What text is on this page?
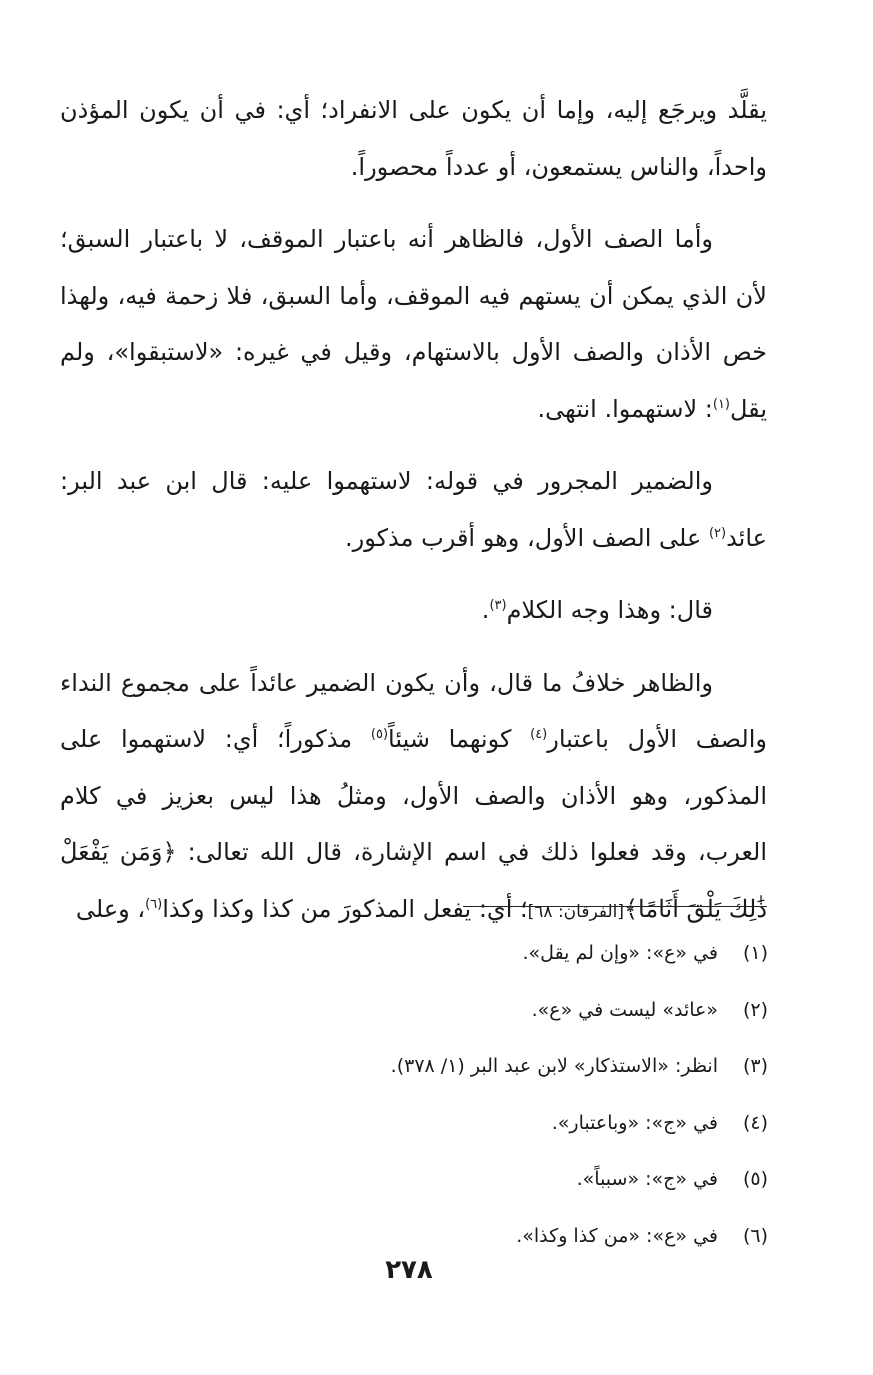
يقلَّد ويرجَع إليه، وإما أن يكون على الانفراد؛ أي: في أن يكون المؤذن واحداً، والناس يستمعون، أو عدداً محصوراً.

وأما الصف الأول، فالظاهر أنه باعتبار الموقف، لا باعتبار السبق؛ لأن الذي يمكن أن يستهم فيه الموقف، وأما السبق، فلا زحمة فيه، ولهذا خص الأذان والصف الأول بالاستهام، وقيل في غيره: «لاستبقوا»، ولم يقل$^{(١)}$: لاستهموا. انتهى.

والضمير المجرور في قوله: لاستهموا عليه: قال ابن عبد البر: عائد$^{(٢)}$ على الصف الأول، وهو أقرب مذكور.

قال: وهذا وجه الكلام$^{(٣)}$.

والظاهر خلافُ ما قال، وأن يكون الضمير عائداً على مجموع النداء والصف الأول باعتبار$^{(٤)}$ كونهما شيئاً$^{(٥)}$ مذكوراً؛ أي: لاستهموا على المذكور، وهو الأذان والصف الأول، ومثلُ هذا ليس بعزيز في كلام العرب، وقد فعلوا ذلك في اسم الإشارة، قال الله تعالى: ﴿وَمَن يَفْعَلْ ذَٰلِكَ يَلْقَ أَثَامًا﴾[الفرقان: ٦٨]؛ أي: يفعل المذكورَ من كذا وكذا وكذا$^{(٦)}$، وعلى

(١)في «ع»: «وإن لم يقل».
(٢)«عائد» ليست في «ع».
(٣)انظر: «الاستذكار» لابن عبد البر (١/ ٣٧٨).
(٤)في «ج»: «وباعتبار».
(٥)في «ج»: «سبباً».
(٦)في «ع»: «من كذا وكذا».
٢٧٨
